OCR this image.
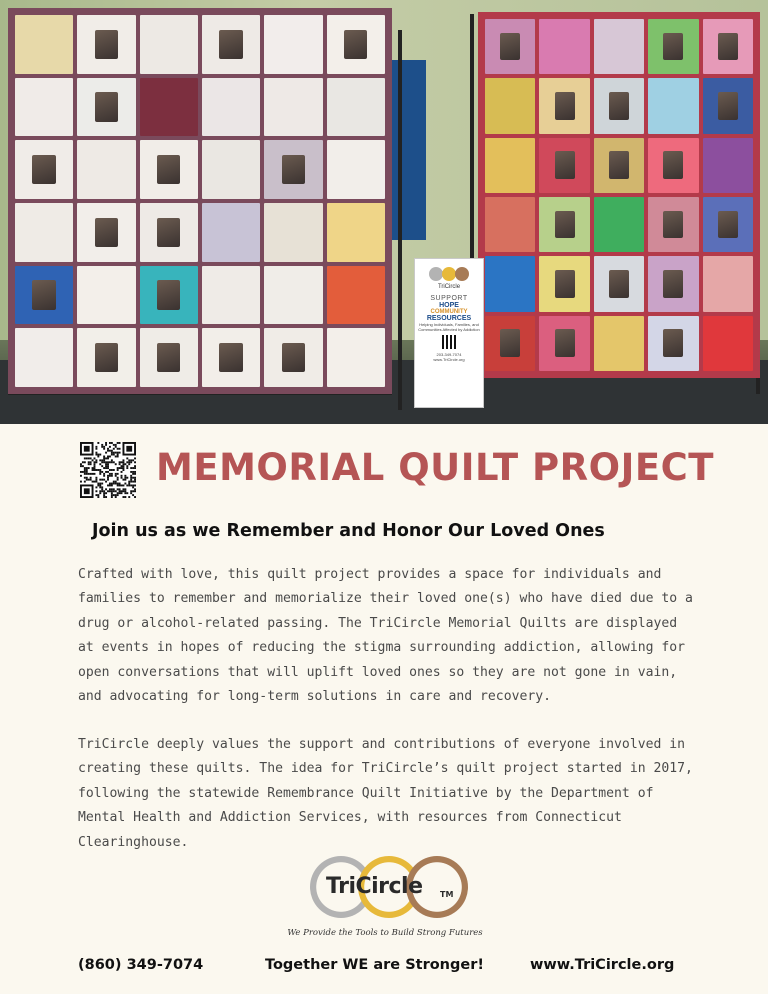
TriCircle
SUPPORT
HOPE
COMMUNITY
RESOURCES
Helping Individuals, Families, and Communities Affected by Addiction
203-349-7074
www.TriCircle.org
MEMORIAL QUILT PROJECT
Join us as we Remember and Honor Our Loved Ones

Crafted with love, this quilt project provides a space for individuals and families to remember and memorialize their loved one(s) who have died due to a drug or alcohol-related passing. The TriCircle Memorial Quilts are displayed at events in hopes of reducing the stigma surrounding addiction, allowing for open conversations that will uplift loved ones so they are not gone in vain, and advocating for long-term solutions in care and recovery.

TriCircle deeply values the support and contributions of everyone involved in creating these quilts. The idea for TriCircle’s quilt project started in 2017, following the statewide Remembrance Quilt Initiative by the Department of Mental Health and Addiction Services, with resources from Connecticut Clearinghouse.

TriCircle	TM
We Provide the Tools to Build Strong Futures
(860) 349-7074	Together WE are Stronger!	www.TriCircle.org
